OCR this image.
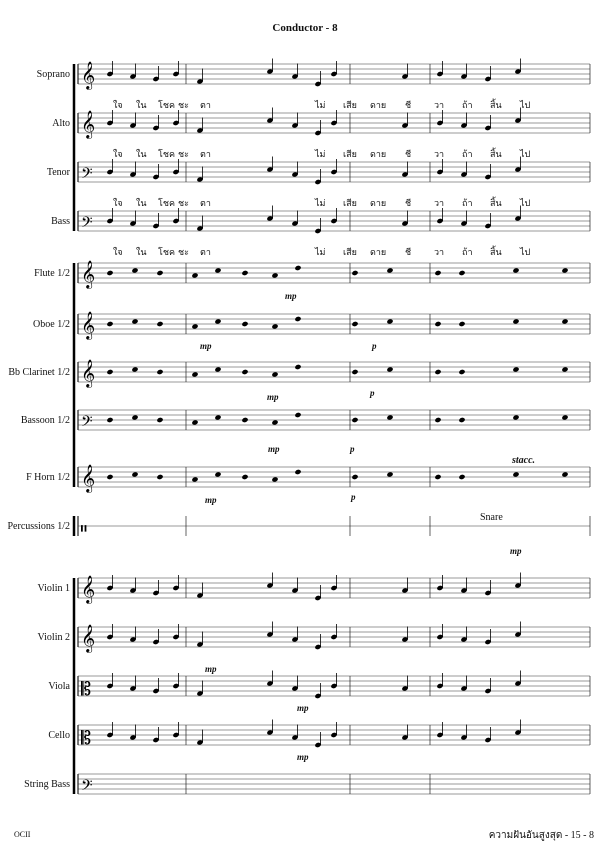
Conductor - 8
𝄞
𝄞
𝄢
𝄢
𝄞
𝄞
𝄞
𝄢
𝄞
𝄥
𝄞
𝄞
𝄡
𝄡
𝄢
Soprano
Alto
Tenor
Bass
Flute 1/2
Oboe 1/2
Bb Clarinet 1/2
Bassoon 1/2
F Horn 1/2
Percussions 1/2
Violin 1
Violin 2
Viola
Cello
String Bass
ใจ ใน โชค ชะ ตา	ไม่ เสีย ดาย ชี	วา ถ้า สิ้น ไป
ใจ ใน โชค ชะ ตา	ไม่ เสีย ดาย ชี	วา ถ้า สิ้น ไป
ใจ ใน โชค ชะ ตา	ไม่ เสีย ดาย ชี	วา ถ้า สิ้น ไป
ใจ ใน โชค ชะ ตา	ไม่ เสีย ดาย ชี	วา ถ้า สิ้น ไป
mp
mp	p
mp	p
mp	p
mp	p
mp
mp
mp
mp
Snare
stacc.
OCII	ความฝันอันสูงสุด - 15 - 8
